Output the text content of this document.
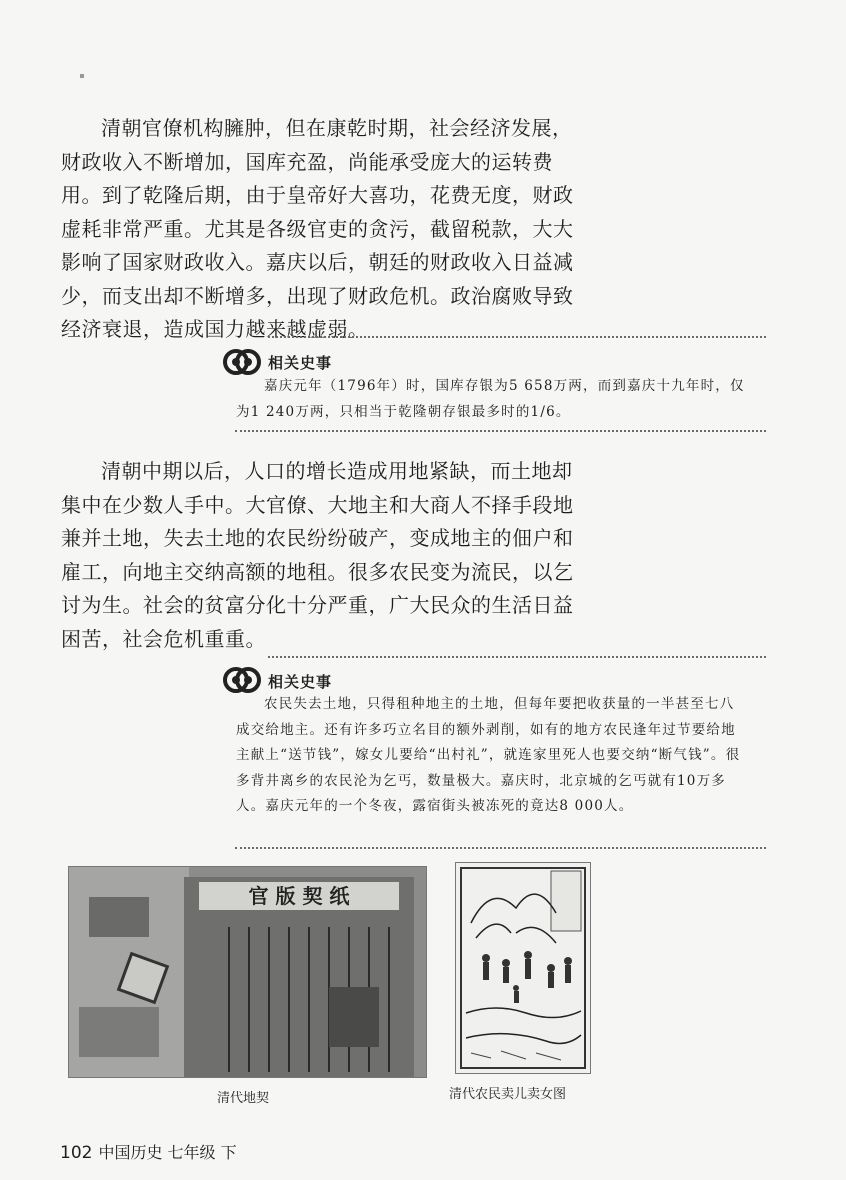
清朝官僚机构臃肿，但在康乾时期，社会经济发展，财政收入不断增加，国库充盈，尚能承受庞大的运转费用。到了乾隆后期，由于皇帝好大喜功，花费无度，财政虚耗非常严重。尤其是各级官吏的贪污，截留税款，大大影响了国家财政收入。嘉庆以后，朝廷的财政收入日益减少，而支出却不断增多，出现了财政危机。政治腐败导致经济衰退，造成国力越来越虚弱。

相关史事

嘉庆元年（1796年）时，国库存银为5 658万两，而到嘉庆十九年时，仅为1 240万两，只相当于乾隆朝存银最多时的1/6。

清朝中期以后，人口的增长造成用地紧缺，而土地却集中在少数人手中。大官僚、大地主和大商人不择手段地兼并土地，失去土地的农民纷纷破产，变成地主的佃户和雇工，向地主交纳高额的地租。很多农民变为流民，以乞讨为生。社会的贫富分化十分严重，广大民众的生活日益困苦，社会危机重重。

相关史事

农民失去土地，只得租种地主的土地，但每年要把收获量的一半甚至七八成交给地主。还有许多巧立名目的额外剥削，如有的地方农民逢年过节要给地主献上“送节钱”，嫁女儿要给“出村礼”，就连家里死人也要交纳“断气钱”。很多背井离乡的农民沦为乞丐，数量极大。嘉庆时，北京城的乞丐就有10万多人。嘉庆元年的一个冬夜，露宿街头被冻死的竟达8 000人。

官 版 契 纸
清代地契	清代农民卖儿卖女图
102 中国历史 七年级 下
